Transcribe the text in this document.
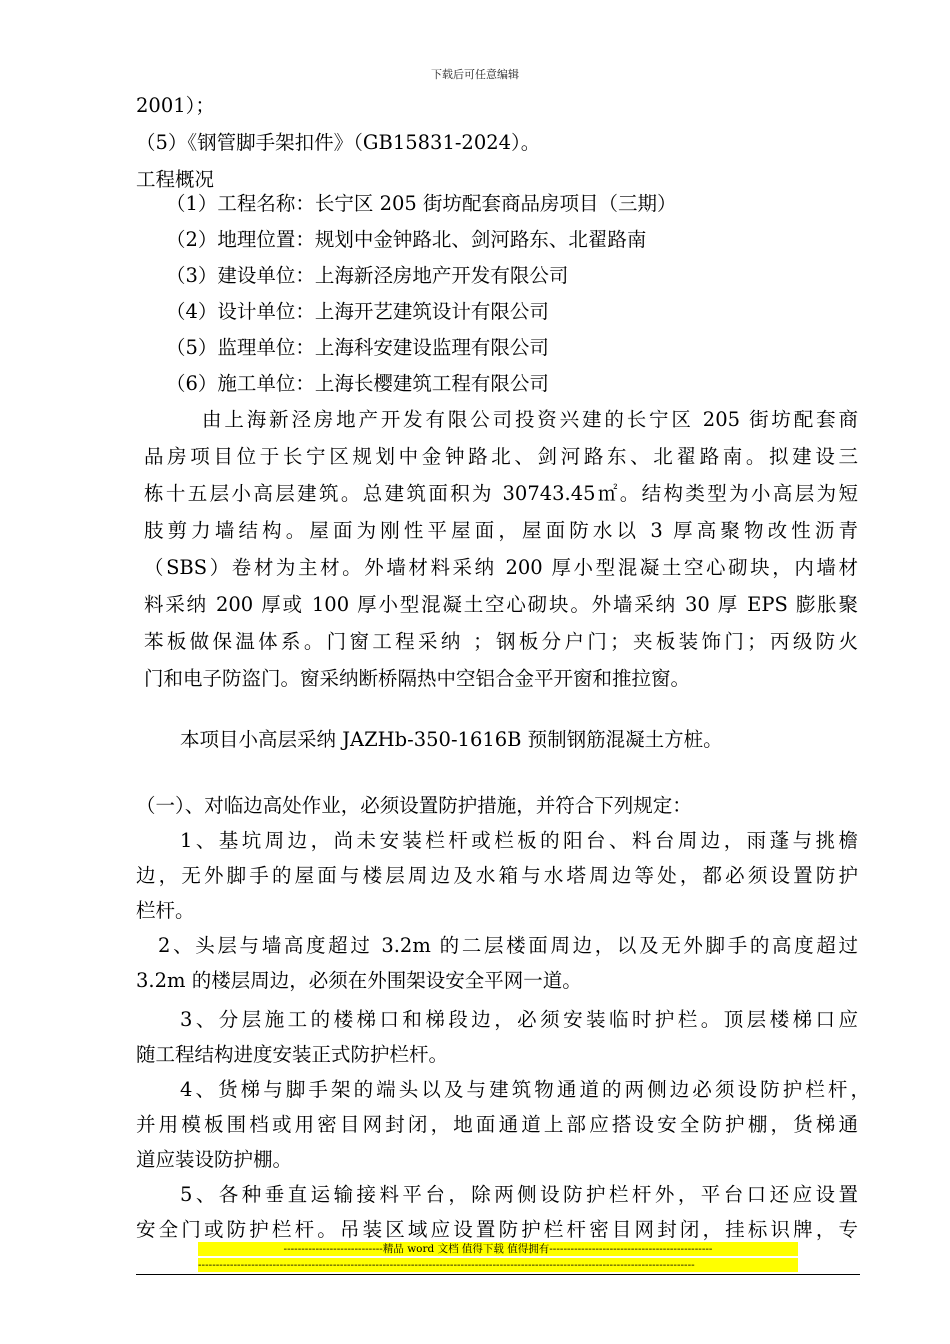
下载后可任意编辑
2001）；
（5）《钢管脚手架扣件》（GB15831-2024）。
工程概况
（1）工程名称：长宁区 205 街坊配套商品房项目（三期）
（2）地理位置：规划中金钟路北、剑河路东、北翟路南
（3）建设单位：上海新泾房地产开发有限公司
（4）设计单位：上海开艺建筑设计有限公司
（5）监理单位：上海科安建设监理有限公司
（6）施工单位：上海长樱建筑工程有限公司
由上海新泾房地产开发有限公司投资兴建的长宁区 205 街坊配套商
品房项目位于长宁区规划中金钟路北、剑河路东、北翟路南。拟建设三
栋十五层小高层建筑。总建筑面积为 30743.45㎡。结构类型为小高层为短
肢剪力墙结构。屋面为刚性平屋面，屋面防水以 3 厚高聚物改性沥青
（SBS）卷材为主材。外墙材料采纳 200 厚小型混凝土空心砌块，内墙材
料采纳 200 厚或 100 厚小型混凝土空心砌块。外墙采纳 30 厚 EPS 膨胀聚
苯板做保温体系。门窗工程采纳 ；钢板分户门；夹板装饰门；丙级防火
门和电子防盗门。窗采纳断桥隔热中空铝合金平开窗和推拉窗。
本项目小高层采纳 JAZHb-350-1616B 预制钢筋混凝土方桩。
（一）、对临边高处作业，必须设置防护措施，并符合下列规定：
1、基坑周边，尚未安装栏杆或栏板的阳台、料台周边，雨蓬与挑檐
边，无外脚手的屋面与楼层周边及水箱与水塔周边等处，都必须设置防护
栏杆。
2、头层与墙高度超过 3.2m 的二层楼面周边，以及无外脚手的高度超过
3.2m 的楼层周边，必须在外围架设安全平网一道。
3、分层施工的楼梯口和梯段边，必须安装临时护栏。顶层楼梯口应
随工程结构进度安装正式防护栏杆。
4、货梯与脚手架的端头以及与建筑物通道的两侧边必须设防护栏杆，
并用模板围档或用密目网封闭，地面通道上部应搭设安全防护棚，货梯通
道应装设防护棚。
5、各种垂直运输接料平台，除两侧设防护栏杆外，平台口还应设置
安全门或防护栏杆。吊装区域应设置防护栏杆密目网封闭，挂标识牌，专
----------------------------精品 word 文档 值得下载 值得拥有----------------------------------------------
--------------------------------------------------------------------------------------------------------------------------------------------
